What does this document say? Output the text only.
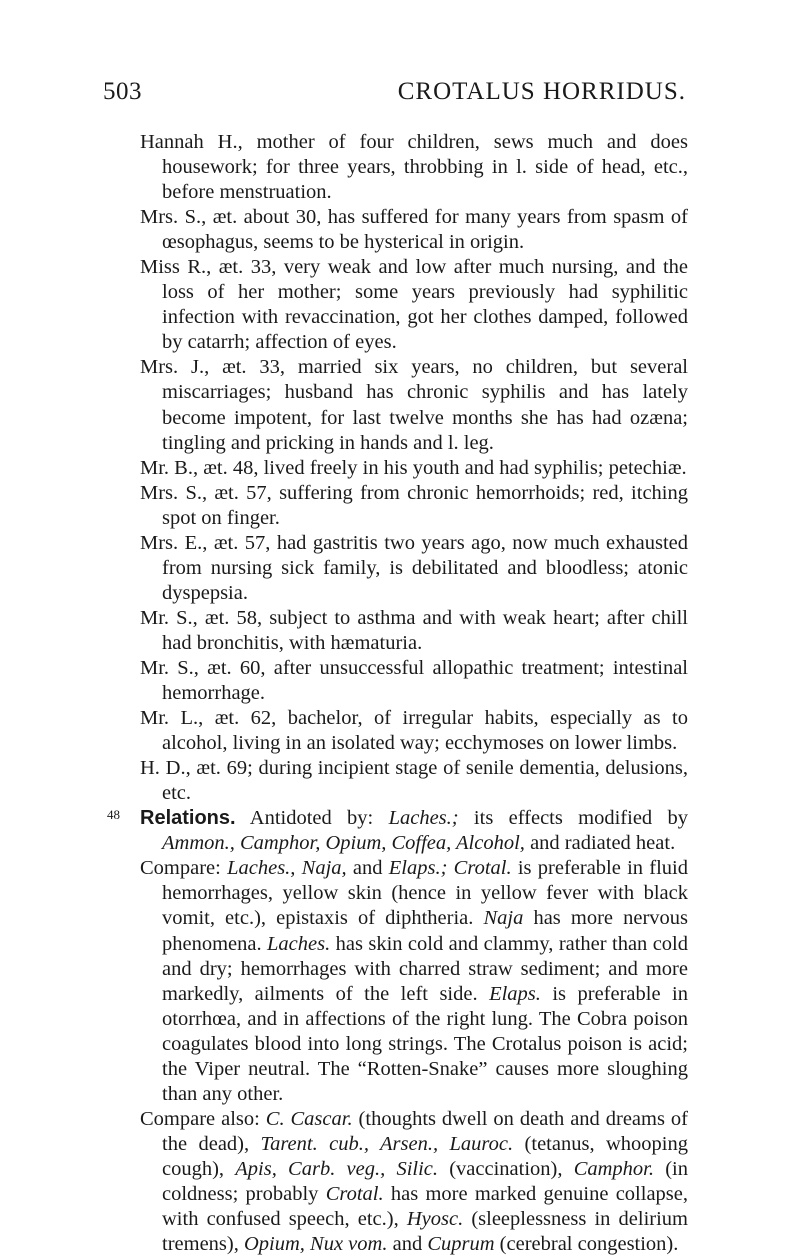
503	CROTALUS HORRIDUS.

Hannah H., mother of four children, sews much and does housework; for three years, throbbing in l. side of head, etc., before menstruation.

Mrs. S., æt. about 30, has suffered for many years from spasm of œsophagus, seems to be hysterical in origin.

Miss R., æt. 33, very weak and low after much nursing, and the loss of her mother; some years previously had syphilitic infection with revaccination, got her clothes damped, followed by catarrh; affection of eyes.

Mrs. J., æt. 33, married six years, no children, but several miscarriages; husband has chronic syphilis and has lately become impotent, for last twelve months she has had ozæna; tingling and pricking in hands and l. leg.

Mr. B., æt. 48, lived freely in his youth and had syphilis; petechiæ.

Mrs. S., æt. 57, suffering from chronic hemorrhoids; red, itching spot on finger.

Mrs. E., æt. 57, had gastritis two years ago, now much exhausted from nursing sick family, is debilitated and bloodless; atonic dyspepsia.

Mr. S., æt. 58, subject to asthma and with weak heart; after chill had bronchitis, with hæmaturia.

Mr. S., æt. 60, after unsuccessful allopathic treatment; intestinal hemorrhage.

Mr. L., æt. 62, bachelor, of irregular habits, especially as to alcohol, living in an isolated way; ecchymoses on lower limbs.

H. D., æt. 69; during incipient stage of senile dementia, delusions, etc.

48 Relations. Antidoted by: Laches.; its effects modified by Ammon., Camphor, Opium, Coffea, Alcohol, and radiated heat.

Compare: Laches., Naja, and Elaps.; Crotal. is preferable in fluid hemorrhages, yellow skin (hence in yellow fever with black vomit, etc.), epistaxis of diphtheria. Naja has more nervous phenomena. Laches. has skin cold and clammy, rather than cold and dry; hemorrhages with charred straw sediment; and more markedly, ailments of the left side. Elaps. is preferable in otorrhœa, and in affections of the right lung. The Cobra poison coagulates blood into long strings. The Crotalus poison is acid; the Viper neutral. The “Rotten-Snake” causes more sloughing than any other.

Compare also: C. Cascar. (thoughts dwell on death and dreams of the dead), Tarent. cub., Arsen., Lauroc. (tetanus, whooping cough), Apis, Carb. veg., Silic. (vaccination), Camphor. (in coldness; probably Crotal. has more marked genuine collapse, with confused speech, etc.), Hyosc. (sleeplessness in delirium tremens), Opium, Nux vom. and Cuprum (cerebral congestion).
